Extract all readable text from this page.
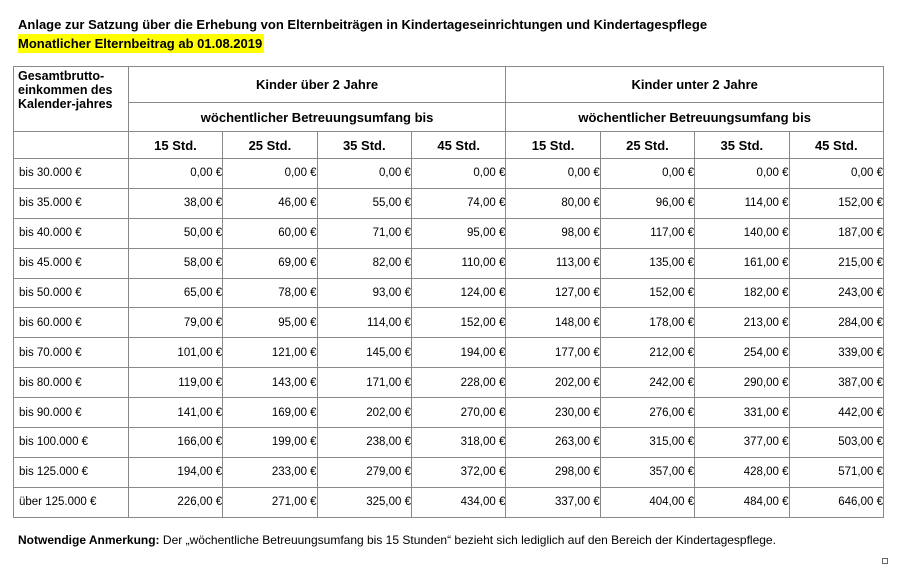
Anlage zur Satzung über die Erhebung von Elternbeiträgen in Kindertageseinrichtungen und Kindertagespflege
Monatlicher Elternbeitrag ab 01.08.2019
Gesamtbrutto-einkommen des Kalender-jahres	Kinder über 2 Jahre				Kinder unter 2 Jahre			
	wöchentlicher Betreuungsumfang bis				wöchentlicher Betreuungsumfang bis			
	15 Std.	25 Std.	35 Std.	45 Std.	15 Std.	25 Std.	35 Std.	45 Std.
bis 30.000 €	0,00 €	0,00 €	0,00 €	0,00 €	0,00 €	0,00 €	0,00 €	0,00 €
bis 35.000 €	38,00 €	46,00 €	55,00 €	74,00 €	80,00 €	96,00 €	114,00 €	152,00 €
bis 40.000 €	50,00 €	60,00 €	71,00 €	95,00 €	98,00 €	117,00 €	140,00 €	187,00 €
bis 45.000 €	58,00 €	69,00 €	82,00 €	110,00 €	113,00 €	135,00 €	161,00 €	215,00 €
bis 50.000 €	65,00 €	78,00 €	93,00 €	124,00 €	127,00 €	152,00 €	182,00 €	243,00 €
bis 60.000 €	79,00 €	95,00 €	114,00 €	152,00 €	148,00 €	178,00 €	213,00 €	284,00 €
bis 70.000 €	101,00 €	121,00 €	145,00 €	194,00 €	177,00 €	212,00 €	254,00 €	339,00 €
bis 80.000 €	119,00 €	143,00 €	171,00 €	228,00 €	202,00 €	242,00 €	290,00 €	387,00 €
bis 90.000 €	141,00 €	169,00 €	202,00 €	270,00 €	230,00 €	276,00 €	331,00 €	442,00 €
bis 100.000 €	166,00 €	199,00 €	238,00 €	318,00 €	263,00 €	315,00 €	377,00 €	503,00 €
bis 125.000 €	194,00 €	233,00 €	279,00 €	372,00 €	298,00 €	357,00 €	428,00 €	571,00 €
über 125.000 €	226,00 €	271,00 €	325,00 €	434,00 €	337,00 €	404,00 €	484,00 €	646,00 €
Notwendige Anmerkung: Der „wöchentliche Betreuungsumfang bis 15 Stunden“ bezieht sich lediglich auf den Bereich der Kindertagespflege.
